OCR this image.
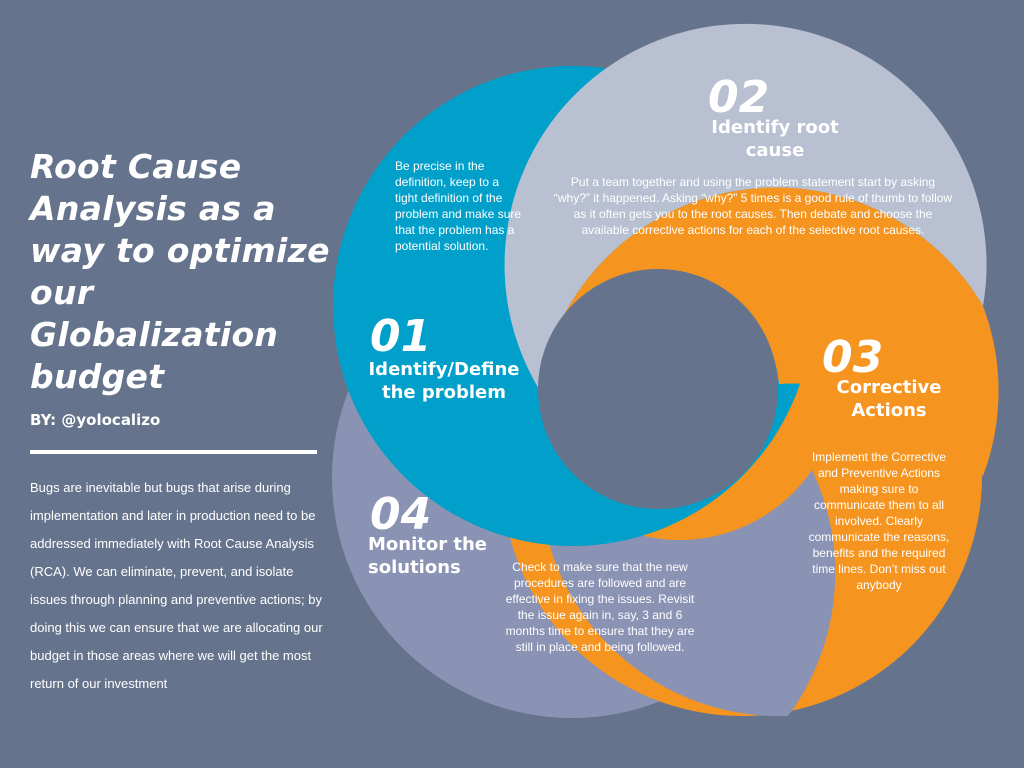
Root Cause Analysis as a way to optimize our Globalization budget
BY: @yolocalizo

Bugs are inevitable but bugs that arise during implementation and later in production need to be addressed immediately with Root Cause Analysis (RCA). We can eliminate, prevent, and isolate issues through planning and preventive actions; by doing this we can ensure that we are allocating our budget in those areas where we will get the most return of our investment

01
Identify/Define the problem
Be precise in the definition, keep to a tight definition of the problem and make sure that the problem has a potential solution.
02
Identify root cause
Put a team together and using the problem statement start by asking “why?” it happened. Asking “why?” 5 times is a good rule of thumb to follow as it often gets you to the root causes. Then debate and choose the available corrective actions for each of the selective root causes.
03
Corrective Actions
Implement the Corrective and Preventive Actions making sure to communicate them to all involved. Clearly communicate the reasons, benefits and the required time lines. Don’t miss out anybody
04
Monitor the solutions	Check to make sure that the new procedures are followed and are effective in fixing the issues. Revisit the issue again in, say, 3 and 6 months time to ensure that they are still in place and being followed.
